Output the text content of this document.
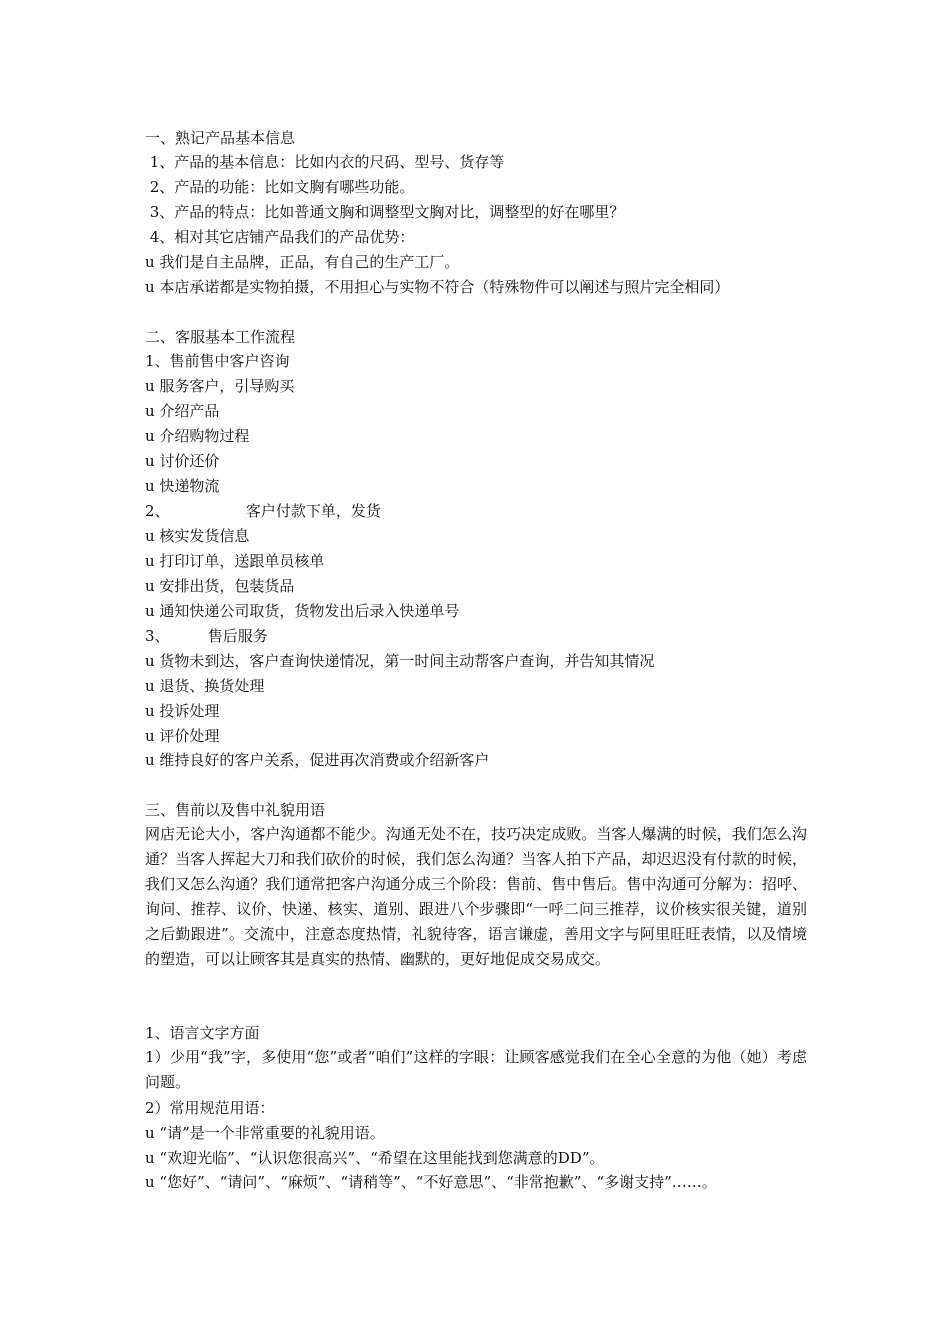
一、熟记产品基本信息
1、产品的基本信息：比如内衣的尺码、型号、货存等
2、产品的功能：比如文胸有哪些功能。
3、产品的特点：比如普通文胸和调整型文胸对比，调整型的好在哪里？
4、相对其它店铺产品我们的产品优势：
u 我们是自主品牌，正品，有自己的生产工厂。
u 本店承诺都是实物拍摄，不用担心与实物不符合（特殊物件可以阐述与照片完全相同）
二、客服基本工作流程
1、售前售中客户咨询
u 服务客户，引导购买
u 介绍产品
u 介绍购物过程
u 讨价还价
u 快递物流
2、                客户付款下单，发货
u 核实发货信息
u 打印订单，送跟单员核单
u 安排出货，包装货品
u 通知快递公司取货，货物发出后录入快递单号
3、        售后服务
u 货物未到达，客户查询快递情况，第一时间主动帮客户查询，并告知其情况
u 退货、换货处理
u 投诉处理
u 评价处理
u 维持良好的客户关系，促进再次消费或介绍新客户
三、售前以及售中礼貌用语

网店无论大小，客户沟通都不能少。沟通无处不在，技巧决定成败。当客人爆满的时候，我们怎么沟通？当客人挥起大刀和我们砍价的时候，我们怎么沟通？当客人拍下产品，却迟迟没有付款的时候，我们又怎么沟通？我们通常把客户沟通分成三个阶段：售前、售中售后。售中沟通可分解为：招呼、询问、推荐、议价、快递、核实、道别、跟进八个步骤即“一呼二问三推荐，议价核实很关键，道别之后勤跟进”。交流中，注意态度热情，礼貌待客，语言谦虚，善用文字与阿里旺旺表情，以及情境的塑造，可以让顾客其是真实的热情、幽默的，更好地促成交易成交。

1、语言文字方面

1）少用“我”字，多使用“您”或者“咱们”这样的字眼：让顾客感觉我们在全心全意的为他（她）考虑问题。

2）常用规范用语：
u “请”是一个非常重要的礼貌用语。
u “欢迎光临”、“认识您很高兴”、“希望在这里能找到您满意的DD”。

u “您好”、“请问”、“麻烦”、“请稍等”、“不好意思”、“非常抱歉”、“多谢支持”……。
